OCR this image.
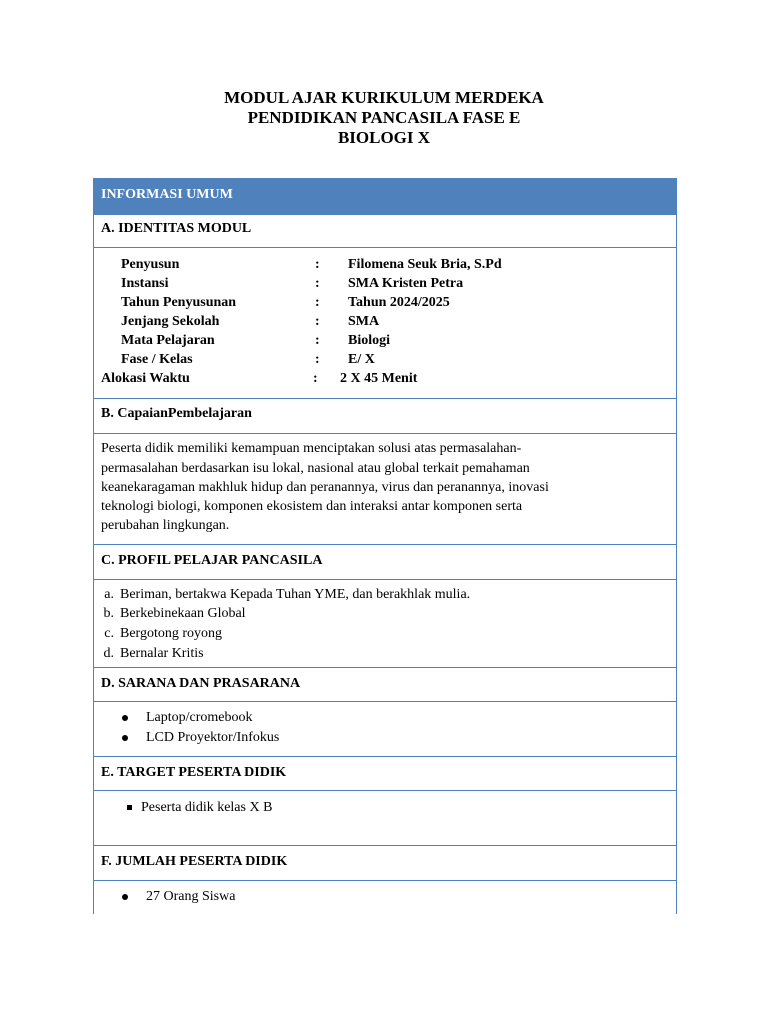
MODUL AJAR KURIKULUM MERDEKA
PENDIDIKAN PANCASILA FASE E
BIOLOGI X
INFORMASI UMUM
A. IDENTITAS MODUL
Penyusun	: Filomena Seuk Bria, S.Pd
Instansi	: SMA Kristen Petra
Tahun Penyusunan	: Tahun 2024/2025
Jenjang Sekolah	: SMA
Mata Pelajaran	: Biologi
Fase / Kelas	: E/ X
Alokasi Waktu	: 2 X 45 Menit
B. CapaianPembelajaran
Peserta didik memiliki kemampuan menciptakan solusi atas permasalahan-
permasalahan berdasarkan isu lokal, nasional atau global terkait pemahaman
keanekaragaman makhluk hidup dan peranannya, virus dan peranannya, inovasi
teknologi biologi, komponen ekosistem dan interaksi antar komponen serta
perubahan lingkungan.
C. PROFIL PELAJAR PANCASILA
a. Beriman, bertakwa Kepada Tuhan YME, dan berakhlak mulia.
b. Berkebinekaan Global
c. Bergotong royong
d. Bernalar Kritis
D. SARANA DAN PRASARANA
Laptop/cromebook
LCD Proyektor/Infokus
E. TARGET PESERTA DIDIK
Peserta didik kelas X B
F. JUMLAH PESERTA DIDIK
27 Orang Siswa
